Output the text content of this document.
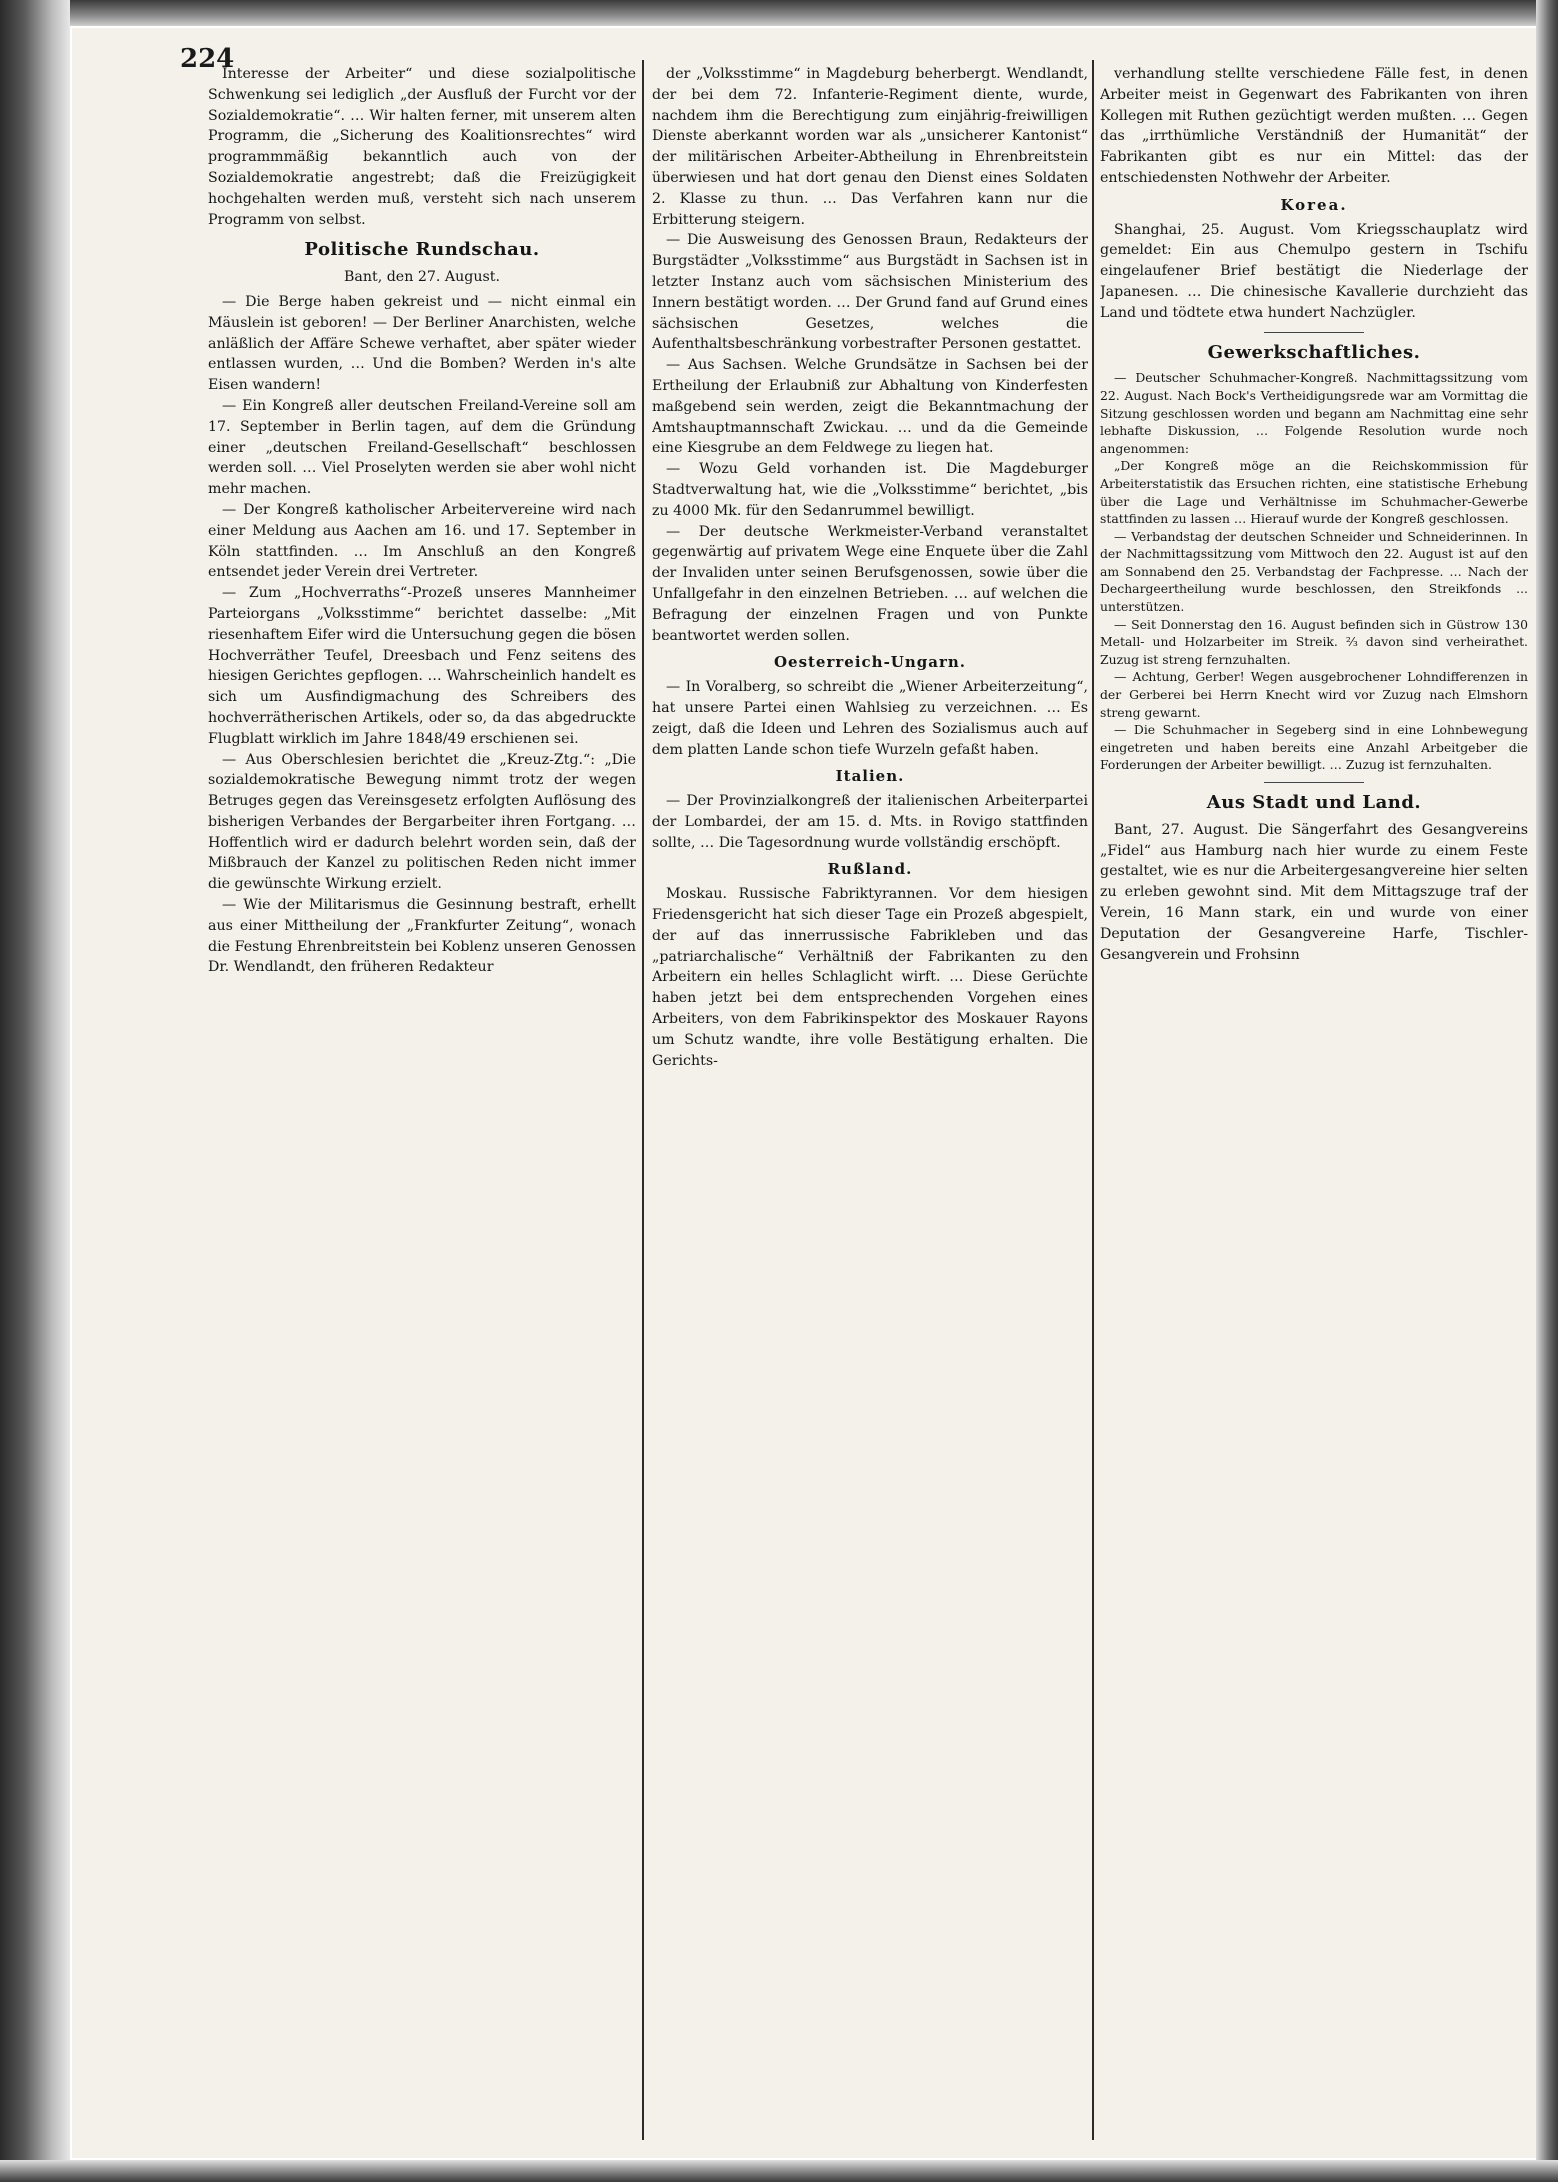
224

Interesse der Arbeiter“ und diese sozialpolitische Schwenkung sei lediglich „der Ausfluß der Furcht vor der Sozialdemokratie“. … Wir halten ferner, mit unserem alten Programm, die „Sicherung des Koalitionsrechtes“ wird programmmäßig bekanntlich auch von der Sozialdemokratie angestrebt; daß die Freizügigkeit hochgehalten werden muß, versteht sich nach unserem Programm von selbst.

Politische Rundschau.
Bant, den 27. August.

— Die Berge haben gekreist und — nicht einmal ein Mäuslein ist geboren! — Der Berliner Anarchisten, welche anläßlich der Affäre Schewe verhaftet, aber später wieder entlassen wurden, … Und die Bomben? Werden in's alte Eisen wandern!

— Ein Kongreß aller deutschen Freiland-Vereine soll am 17. September in Berlin tagen, auf dem die Gründung einer „deutschen Freiland-Gesellschaft“ beschlossen werden soll. … Viel Proselyten werden sie aber wohl nicht mehr machen.

— Der Kongreß katholischer Arbeitervereine wird nach einer Meldung aus Aachen am 16. und 17. September in Köln stattfinden. … Im Anschluß an den Kongreß entsendet jeder Verein drei Vertreter.

— Zum „Hochverraths“-Prozeß unseres Mannheimer Parteiorgans „Volksstimme“ berichtet dasselbe: „Mit riesenhaftem Eifer wird die Untersuchung gegen die bösen Hochverräther Teufel, Dreesbach und Fenz seitens des hiesigen Gerichtes gepflogen. … Wahrscheinlich handelt es sich um Ausfindigmachung des Schreibers des hochverrätherischen Artikels, oder so, da das abgedruckte Flugblatt wirklich im Jahre 1848/49 erschienen sei.

— Aus Oberschlesien berichtet die „Kreuz-Ztg.“: „Die sozialdemokratische Bewegung nimmt trotz der wegen Betruges gegen das Vereinsgesetz erfolgten Auflösung des bisherigen Verbandes der Bergarbeiter ihren Fortgang. … Hoffentlich wird er dadurch belehrt worden sein, daß der Mißbrauch der Kanzel zu politischen Reden nicht immer die gewünschte Wirkung erzielt.

— Wie der Militarismus die Gesinnung bestraft, erhellt aus einer Mittheilung der „Frankfurter Zeitung“, wonach die Festung Ehrenbreitstein bei Koblenz unseren Genossen Dr. Wendlandt, den früheren Redakteur

der „Volksstimme“ in Magdeburg beherbergt. Wendlandt, der bei dem 72. Infanterie-Regiment diente, wurde, nachdem ihm die Berechtigung zum einjährig-freiwilligen Dienste aberkannt worden war als „unsicherer Kantonist“ der militärischen Arbeiter-Abtheilung in Ehrenbreitstein überwiesen und hat dort genau den Dienst eines Soldaten 2. Klasse zu thun. … Das Verfahren kann nur die Erbitterung steigern.

— Die Ausweisung des Genossen Braun, Redakteurs der Burgstädter „Volksstimme“ aus Burgstädt in Sachsen ist in letzter Instanz auch vom sächsischen Ministerium des Innern bestätigt worden. … Der Grund fand auf Grund eines sächsischen Gesetzes, welches die Aufenthaltsbeschränkung vorbestrafter Personen gestattet.

— Aus Sachsen. Welche Grundsätze in Sachsen bei der Ertheilung der Erlaubniß zur Abhaltung von Kinderfesten maßgebend sein werden, zeigt die Bekanntmachung der Amtshauptmannschaft Zwickau. … und da die Gemeinde eine Kiesgrube an dem Feldwege zu liegen hat.

— Wozu Geld vorhanden ist. Die Magdeburger Stadtverwaltung hat, wie die „Volksstimme“ berichtet, „bis zu 4000 Mk. für den Sedanrummel bewilligt.

— Der deutsche Werkmeister-Verband veranstaltet gegenwärtig auf privatem Wege eine Enquete über die Zahl der Invaliden unter seinen Berufsgenossen, sowie über die Unfallgefahr in den einzelnen Betrieben. … auf welchen die Befragung der einzelnen Fragen und von Punkte beantwortet werden sollen.

Oesterreich-Ungarn.

— In Voralberg, so schreibt die „Wiener Arbeiterzeitung“, hat unsere Partei einen Wahlsieg zu verzeichnen. … Es zeigt, daß die Ideen und Lehren des Sozialismus auch auf dem platten Lande schon tiefe Wurzeln gefaßt haben.

Italien.

— Der Provinzialkongreß der italienischen Arbeiterpartei der Lombardei, der am 15. d. Mts. in Rovigo stattfinden sollte, … Die Tagesordnung wurde vollständig erschöpft.

Rußland.

Moskau. Russische Fabriktyrannen. Vor dem hiesigen Friedensgericht hat sich dieser Tage ein Prozeß abgespielt, der auf das innerrussische Fabrikleben und das „patriarchalische“ Verhältniß der Fabrikanten zu den Arbeitern ein helles Schlaglicht wirft. … Diese Gerüchte haben jetzt bei dem entsprechenden Vorgehen eines Arbeiters, von dem Fabrikinspektor des Moskauer Rayons um Schutz wandte, ihre volle Bestätigung erhalten. Die Gerichts-

verhandlung stellte verschiedene Fälle fest, in denen Arbeiter meist in Gegenwart des Fabrikanten von ihren Kollegen mit Ruthen gezüchtigt werden mußten. … Gegen das „irrthümliche Verständniß der Humanität“ der Fabrikanten gibt es nur ein Mittel: das der entschiedensten Nothwehr der Arbeiter.

Korea.

Shanghai, 25. August. Vom Kriegsschauplatz wird gemeldet: Ein aus Chemulpo gestern in Tschifu eingelaufener Brief bestätigt die Niederlage der Japanesen. … Die chinesische Kavallerie durchzieht das Land und tödtete etwa hundert Nachzügler.

Gewerkschaftliches.

— Deutscher Schuhmacher-Kongreß. Nachmittagssitzung vom 22. August. Nach Bock's Vertheidigungsrede war am Vormittag die Sitzung geschlossen worden und begann am Nachmittag eine sehr lebhafte Diskussion, … Folgende Resolution wurde noch angenommen:

„Der Kongreß möge an die Reichskommission für Arbeiterstatistik das Ersuchen richten, eine statistische Erhebung über die Lage und Verhältnisse im Schuhmacher-Gewerbe stattfinden zu lassen … Hierauf wurde der Kongreß geschlossen.

— Verbandstag der deutschen Schneider und Schneiderinnen. In der Nachmittagssitzung vom Mittwoch den 22. August ist auf den am Sonnabend den 25. Verbandstag der Fachpresse. … Nach der Dechargeertheilung wurde beschlossen, den Streikfonds ... unterstützen.

— Seit Donnerstag den 16. August befinden sich in Güstrow 130 Metall- und Holzarbeiter im Streik. ⅔ davon sind verheirathet. Zuzug ist streng fernzuhalten.

— Achtung, Gerber! Wegen ausgebrochener Lohndifferenzen in der Gerberei bei Herrn Knecht wird vor Zuzug nach Elmshorn streng gewarnt.

— Die Schuhmacher in Segeberg sind in eine Lohnbewegung eingetreten und haben bereits eine Anzahl Arbeitgeber die Forderungen der Arbeiter bewilligt. … Zuzug ist fernzuhalten.

Aus Stadt und Land.

Bant, 27. August. Die Sängerfahrt des Gesangvereins „Fidel“ aus Hamburg nach hier wurde zu einem Feste gestaltet, wie es nur die Arbeitergesangvereine hier selten zu erleben gewohnt sind. Mit dem Mittagszuge traf der Verein, 16 Mann stark, ein und wurde von einer Deputation der Gesangvereine Harfe, Tischler-Gesangverein und Frohsinn
